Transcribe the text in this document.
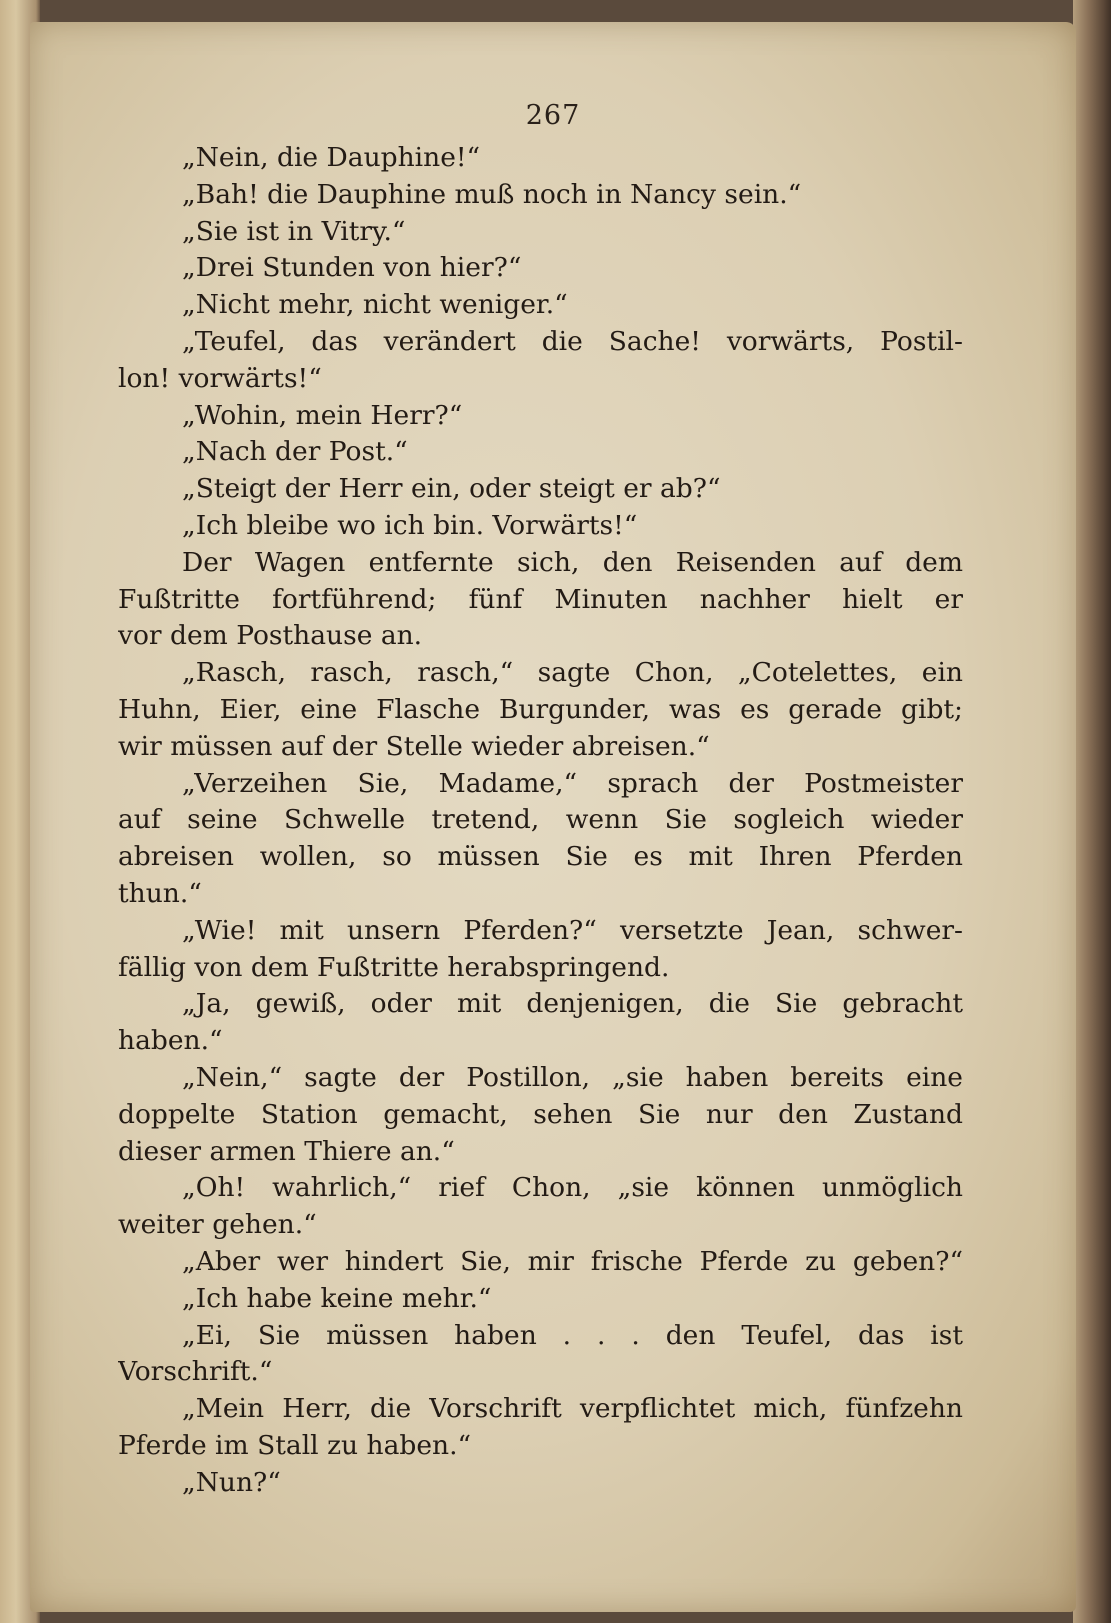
267
„Nein, die Dauphine!“
„Bah! die Dauphine muß noch in Nancy sein.“
„Sie ist in Vitry.“
„Drei Stunden von hier?“
„Nicht mehr, nicht weniger.“
„Teufel, das verändert die Sache! vorwärts, Postil-
lon! vorwärts!“
„Wohin, mein Herr?“
„Nach der Post.“
„Steigt der Herr ein, oder steigt er ab?“
„Ich bleibe wo ich bin. Vorwärts!“
Der Wagen entfernte sich, den Reisenden auf dem
Fußtritte fortführend; fünf Minuten nachher hielt er
vor dem Posthause an.
„Rasch, rasch, rasch,“ sagte Chon, „Cotelettes, ein
Huhn, Eier, eine Flasche Burgunder, was es gerade gibt;
wir müssen auf der Stelle wieder abreisen.“
„Verzeihen Sie, Madame,“ sprach der Postmeister
auf seine Schwelle tretend, wenn Sie sogleich wieder
abreisen wollen, so müssen Sie es mit Ihren Pferden
thun.“
„Wie! mit unsern Pferden?“ versetzte Jean, schwer-
fällig von dem Fußtritte herabspringend.
„Ja, gewiß, oder mit denjenigen, die Sie gebracht
haben.“
„Nein,“ sagte der Postillon, „sie haben bereits eine
doppelte Station gemacht, sehen Sie nur den Zustand
dieser armen Thiere an.“
„Oh! wahrlich,“ rief Chon, „sie können unmöglich
weiter gehen.“
„Aber wer hindert Sie, mir frische Pferde zu geben?“
„Ich habe keine mehr.“
„Ei, Sie müssen haben . . . den Teufel, das ist
Vorschrift.“
„Mein Herr, die Vorschrift verpflichtet mich, fünfzehn
Pferde im Stall zu haben.“
„Nun?“
